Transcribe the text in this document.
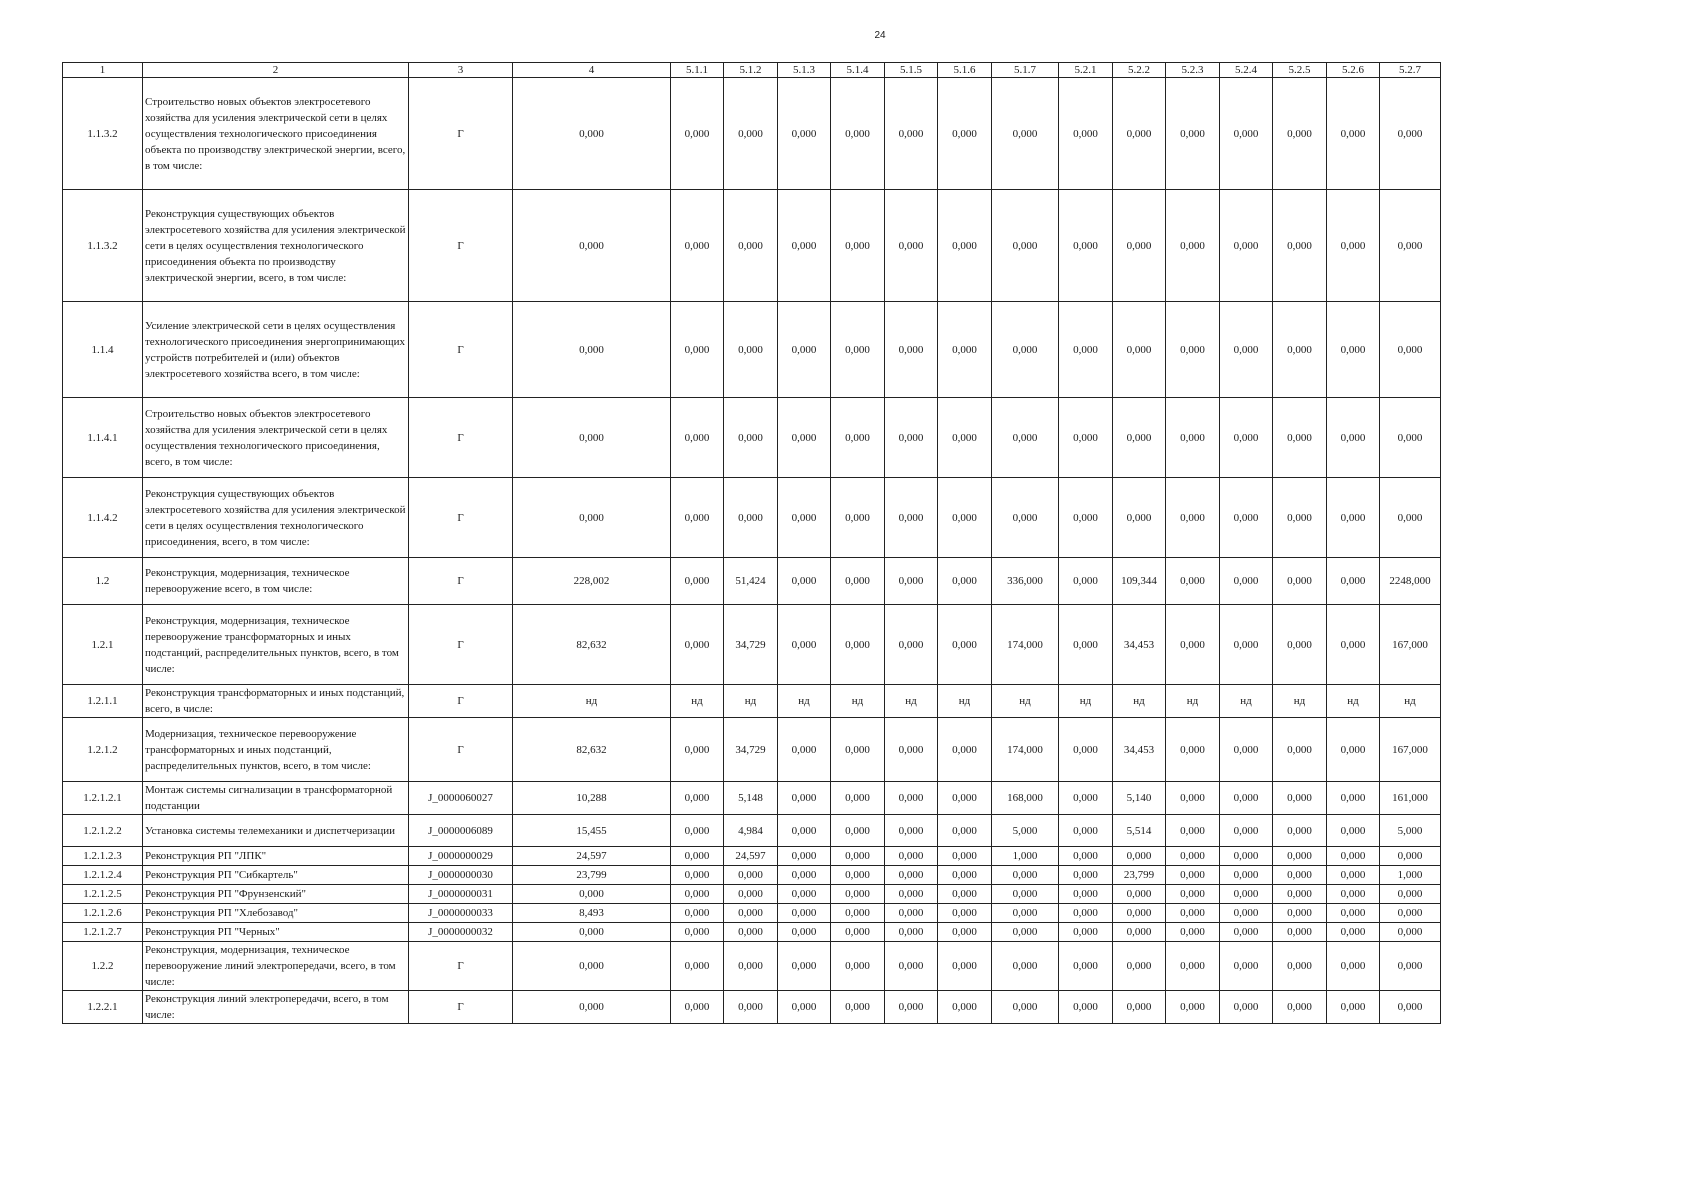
24
1	2	3	4	5.1.1	5.1.2	5.1.3	5.1.4	5.1.5	5.1.6	5.1.7	5.2.1	5.2.2	5.2.3	5.2.4	5.2.5	5.2.6	5.2.7
1.1.3.2	Строительство новых объектов электросетевого хозяйства для усиления электрической сети в целях осуществления технологического присоединения объекта по производству электрической энергии, всего, в том числе:	Г	0,000	0,000	0,000	0,000	0,000	0,000	0,000	0,000	0,000	0,000	0,000	0,000	0,000	0,000	0,000
1.1.3.2	Реконструкция существующих объектов электросетевого хозяйства для усиления электрической сети в целях осуществления технологического присоединения объекта по производству электрической энергии, всего, в том числе:	Г	0,000	0,000	0,000	0,000	0,000	0,000	0,000	0,000	0,000	0,000	0,000	0,000	0,000	0,000	0,000
1.1.4	Усиление электрической сети в целях осуществления технологического присоединения энергопринимающих устройств потребителей и (или) объектов электросетевого хозяйства всего, в том числе:	Г	0,000	0,000	0,000	0,000	0,000	0,000	0,000	0,000	0,000	0,000	0,000	0,000	0,000	0,000	0,000
1.1.4.1	Строительство новых объектов электросетевого хозяйства для усиления электрической сети в целях осуществления технологического присоединения, всего, в том числе:	Г	0,000	0,000	0,000	0,000	0,000	0,000	0,000	0,000	0,000	0,000	0,000	0,000	0,000	0,000	0,000
1.1.4.2	Реконструкция существующих объектов электросетевого хозяйства для усиления электрической сети в целях осуществления технологического присоединения, всего, в том числе:	Г	0,000	0,000	0,000	0,000	0,000	0,000	0,000	0,000	0,000	0,000	0,000	0,000	0,000	0,000	0,000
1.2	Реконструкция, модернизация, техническое перевооружение всего, в том числе:	Г	228,002	0,000	51,424	0,000	0,000	0,000	0,000	336,000	0,000	109,344	0,000	0,000	0,000	0,000	2248,000
1.2.1	Реконструкция, модернизация, техническое перевооружение трансформаторных и иных подстанций, распределительных пунктов, всего, в том числе:	Г	82,632	0,000	34,729	0,000	0,000	0,000	0,000	174,000	0,000	34,453	0,000	0,000	0,000	0,000	167,000
1.2.1.1	Реконструкция трансформаторных и иных подстанций, всего, в числе:	Г	нд	нд	нд	нд	нд	нд	нд	нд	нд	нд	нд	нд	нд	нд	нд
1.2.1.2	Модернизация, техническое перевооружение трансформаторных и иных подстанций, распределительных пунктов, всего, в том числе:	Г	82,632	0,000	34,729	0,000	0,000	0,000	0,000	174,000	0,000	34,453	0,000	0,000	0,000	0,000	167,000
1.2.1.2.1	Монтаж системы сигнализации в трансформаторной подстанции	J_0000060027	10,288	0,000	5,148	0,000	0,000	0,000	0,000	168,000	0,000	5,140	0,000	0,000	0,000	0,000	161,000
1.2.1.2.2	Установка системы телемеханики и диспетчеризации	J_0000006089	15,455	0,000	4,984	0,000	0,000	0,000	0,000	5,000	0,000	5,514	0,000	0,000	0,000	0,000	5,000
1.2.1.2.3	Реконструкция РП "ЛПК"	J_0000000029	24,597	0,000	24,597	0,000	0,000	0,000	0,000	1,000	0,000	0,000	0,000	0,000	0,000	0,000	0,000
1.2.1.2.4	Реконструкция РП "Сибкартель"	J_0000000030	23,799	0,000	0,000	0,000	0,000	0,000	0,000	0,000	0,000	23,799	0,000	0,000	0,000	0,000	1,000
1.2.1.2.5	Реконструкция РП "Фрунзенский"	J_0000000031	0,000	0,000	0,000	0,000	0,000	0,000	0,000	0,000	0,000	0,000	0,000	0,000	0,000	0,000	0,000
1.2.1.2.6	Реконструкция РП "Хлебозавод"	J_0000000033	8,493	0,000	0,000	0,000	0,000	0,000	0,000	0,000	0,000	0,000	0,000	0,000	0,000	0,000	0,000
1.2.1.2.7	Реконструкция РП "Черных"	J_0000000032	0,000	0,000	0,000	0,000	0,000	0,000	0,000	0,000	0,000	0,000	0,000	0,000	0,000	0,000	0,000
1.2.2	Реконструкция, модернизация, техническое перевооружение линий электропередачи, всего, в том числе:	Г	0,000	0,000	0,000	0,000	0,000	0,000	0,000	0,000	0,000	0,000	0,000	0,000	0,000	0,000	0,000
1.2.2.1	Реконструкция линий электропередачи, всего, в том числе:	Г	0,000	0,000	0,000	0,000	0,000	0,000	0,000	0,000	0,000	0,000	0,000	0,000	0,000	0,000	0,000
